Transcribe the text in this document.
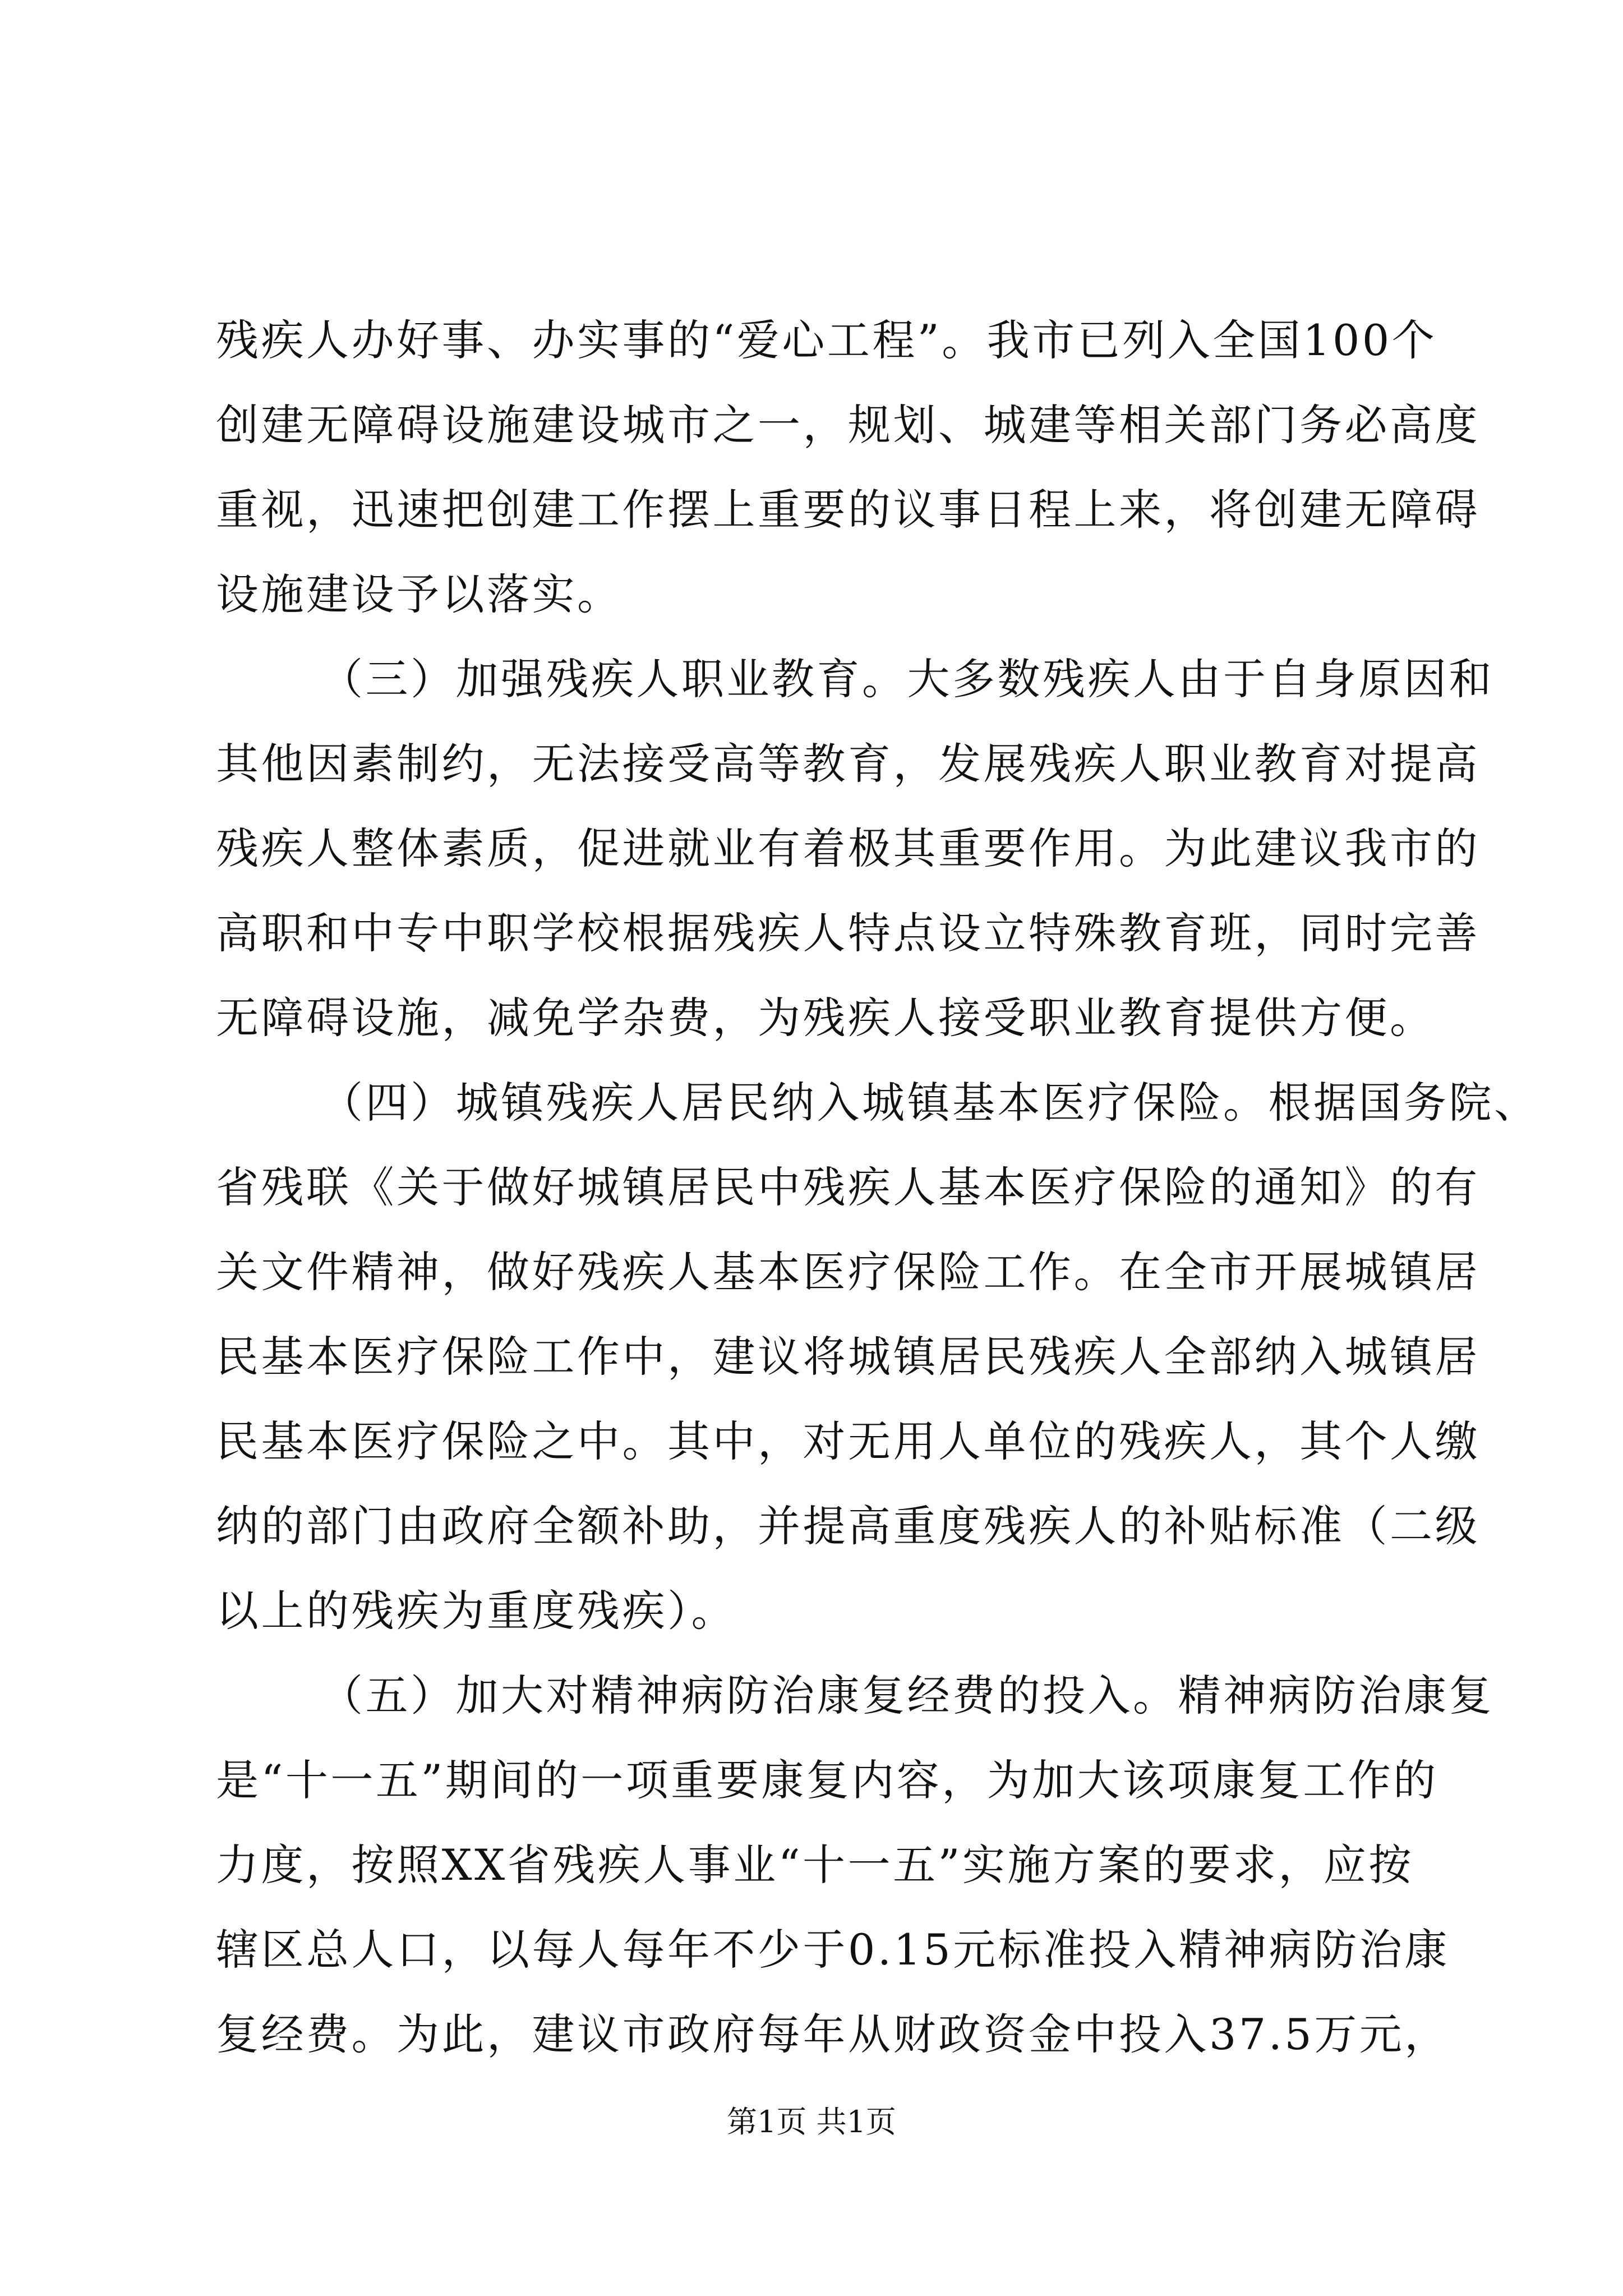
残疾人办好事、办实事的“爱心工程”。我市已列入全国100个
创建无障碍设施建设城市之一，规划、城建等相关部门务必高度
重视，迅速把创建工作摆上重要的议事日程上来，将创建无障碍
设施建设予以落实。
（三）加强残疾人职业教育。大多数残疾人由于自身原因和
其他因素制约，无法接受高等教育，发展残疾人职业教育对提高
残疾人整体素质，促进就业有着极其重要作用。为此建议我市的
高职和中专中职学校根据残疾人特点设立特殊教育班，同时完善
无障碍设施，减免学杂费，为残疾人接受职业教育提供方便。
（四）城镇残疾人居民纳入城镇基本医疗保险。根据国务院、
省残联《关于做好城镇居民中残疾人基本医疗保险的通知》的有
关文件精神，做好残疾人基本医疗保险工作。在全市开展城镇居
民基本医疗保险工作中，建议将城镇居民残疾人全部纳入城镇居
民基本医疗保险之中。其中，对无用人单位的残疾人，其个人缴
纳的部门由政府全额补助，并提高重度残疾人的补贴标准（二级
以上的残疾为重度残疾）。
（五）加大对精神病防治康复经费的投入。精神病防治康复
是“十一五”期间的一项重要康复内容，为加大该项康复工作的
力度，按照XX省残疾人事业“十一五”实施方案的要求，应按
辖区总人口，以每人每年不少于0.15元标准投入精神病防治康
复经费。为此，建议市政府每年从财政资金中投入37.5万元，
第1页 共1页
